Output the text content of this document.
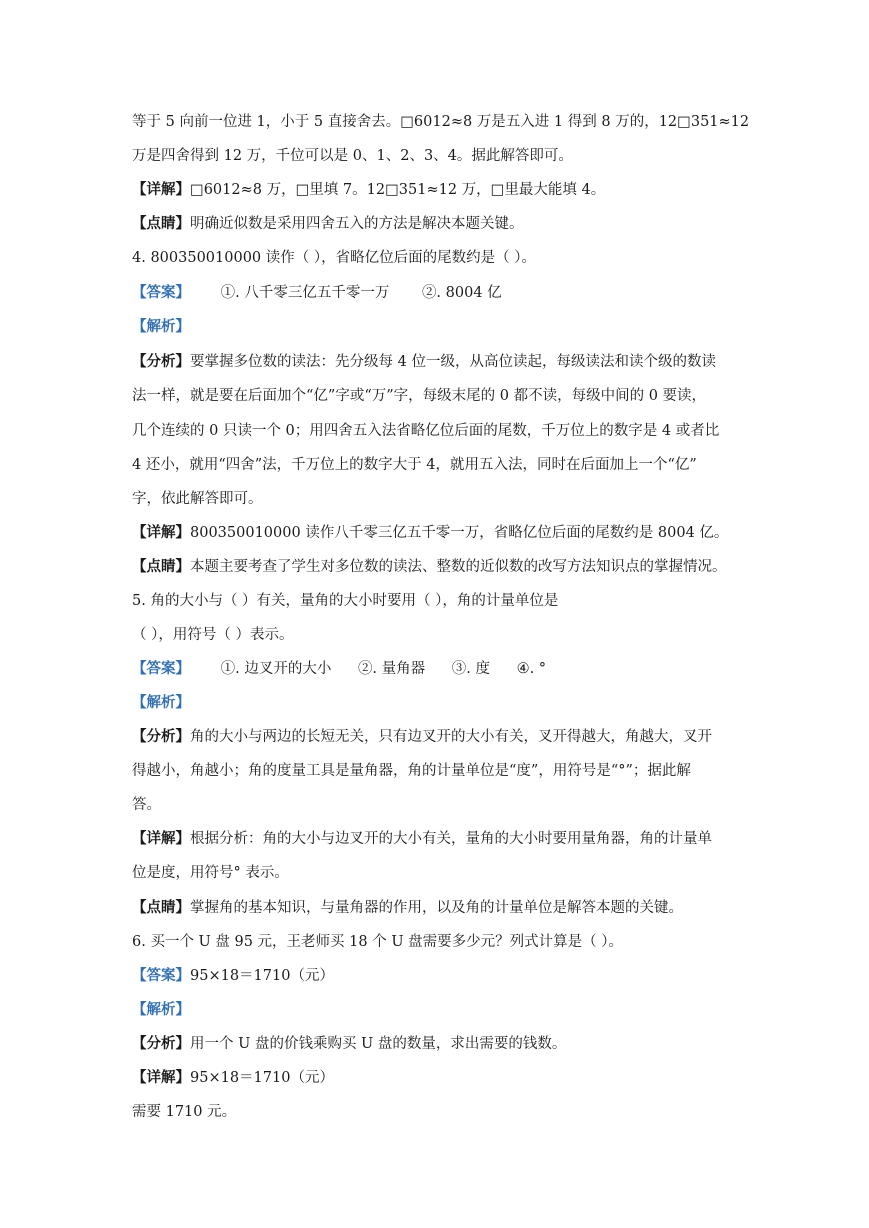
等于 5 向前一位进 1，小于 5 直接舍去。□6012≈8 万是五入进 1 得到 8 万的，12□351≈12
万是四舍得到 12 万，千位可以是 0、1、2、3、4。据此解答即可。
【详解】□6012≈8 万，□里填 7。12□351≈12 万，□里最大能填 4。
【点睛】明确近似数是采用四舍五入的方法是解决本题关键。
4. 800350010000 读作（ ），省略亿位后面的尾数约是（ ）。
【答案】 ①. 八千零三亿五千零一万 ②. 8004 亿
【解析】
【分析】要掌握多位数的读法：先分级每 4 位一级，从高位读起，每级读法和读个级的数读
法一样，就是要在后面加个“亿”字或“万”字，每级末尾的 0 都不读，每级中间的 0 要读，
几个连续的 0 只读一个 0；用四舍五入法省略亿位后面的尾数，千万位上的数字是 4 或者比
4 还小，就用“四舍”法，千万位上的数字大于 4，就用五入法，同时在后面加上一个“亿”
字，依此解答即可。
【详解】800350010000 读作八千零三亿五千零一万，省略亿位后面的尾数约是 8004 亿。
【点睛】本题主要考查了学生对多位数的读法、整数的近似数的改写方法知识点的掌握情况。
5. 角的大小与（ ）有关，量角的大小时要用（ ），角的计量单位是
（ ），用符号（ ）表示。
【答案】 ①. 边叉开的大小 ②. 量角器 ③. 度 ④. °
【解析】
【分析】角的大小与两边的长短无关，只有边叉开的大小有关，叉开得越大，角越大，叉开
得越小，角越小；角的度量工具是量角器，角的计量单位是“度”，用符号是“°”；据此解
答。
【详解】根据分析：角的大小与边叉开的大小有关，量角的大小时要用量角器，角的计量单
位是度，用符号° 表示。
【点睛】掌握角的基本知识，与量角器的作用，以及角的计量单位是解答本题的关键。
6. 买一个 U 盘 95 元，王老师买 18 个 U 盘需要多少元？列式计算是（ ）。
【答案】95×18＝1710（元）
【解析】
【分析】用一个 U 盘的价钱乘购买 U 盘的数量，求出需要的钱数。
【详解】95×18＝1710（元）
需要 1710 元。
